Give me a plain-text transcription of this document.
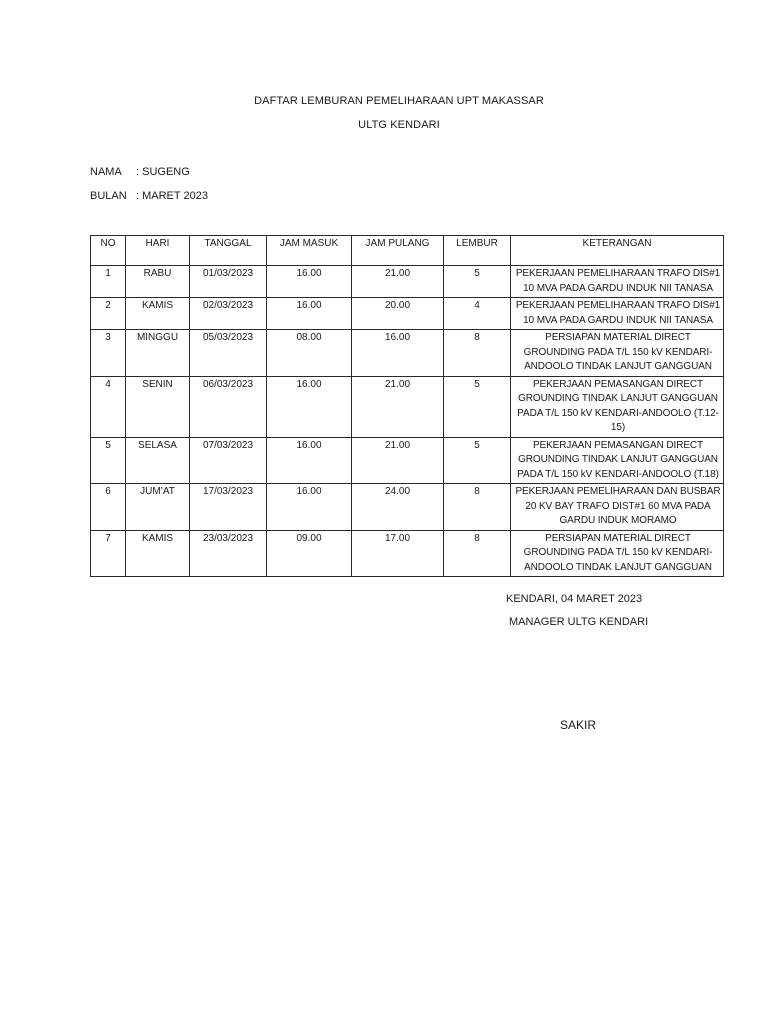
DAFTAR LEMBURAN PEMELIHARAAN UPT MAKASSAR
ULTG KENDARI
NAMA : SUGENG
BULAN : MARET 2023
NO	HARI	TANGGAL	JAM MASUK	JAM PULANG	LEMBUR	KETERANGAN
1	RABU	01/03/2023	16.00	21.00	5	PEKERJAAN PEMELIHARAAN TRAFO DIS#1 10 MVA PADA GARDU INDUK NII TANASA
2	KAMIS	02/03/2023	16.00	20.00	4	PEKERJAAN PEMELIHARAAN TRAFO DIS#1 10 MVA PADA GARDU INDUK NII TANASA
3	MINGGU	05/03/2023	08.00	16.00	8	PERSIAPAN MATERIAL DIRECT GROUNDING PADA T/L 150 kV KENDARI-ANDOOLO TINDAK LANJUT GANGGUAN
4	SENIN	06/03/2023	16.00	21.00	5	PEKERJAAN PEMASANGAN DIRECT GROUNDING TINDAK LANJUT GANGGUAN PADA T/L 150 kV KENDARI-ANDOOLO (T.12-15)
5	SELASA	07/03/2023	16.00	21.00	5	PEKERJAAN PEMASANGAN DIRECT GROUNDING TINDAK LANJUT GANGGUAN PADA T/L 150 kV KENDARI-ANDOOLO (T.18)
6	JUM’AT	17/03/2023	16.00	24.00	8	PEKERJAAN PEMELIHARAAN DAN BUSBAR 20 KV BAY TRAFO DIST#1 60 MVA PADA GARDU INDUK MORAMO
7	KAMIS	23/03/2023	09.00	17.00	8	PERSIAPAN MATERIAL DIRECT GROUNDING PADA T/L 150 kV KENDARI-ANDOOLO TINDAK LANJUT GANGGUAN
KENDARI, 04 MARET 2023
MANAGER ULTG KENDARI
SAKIR
